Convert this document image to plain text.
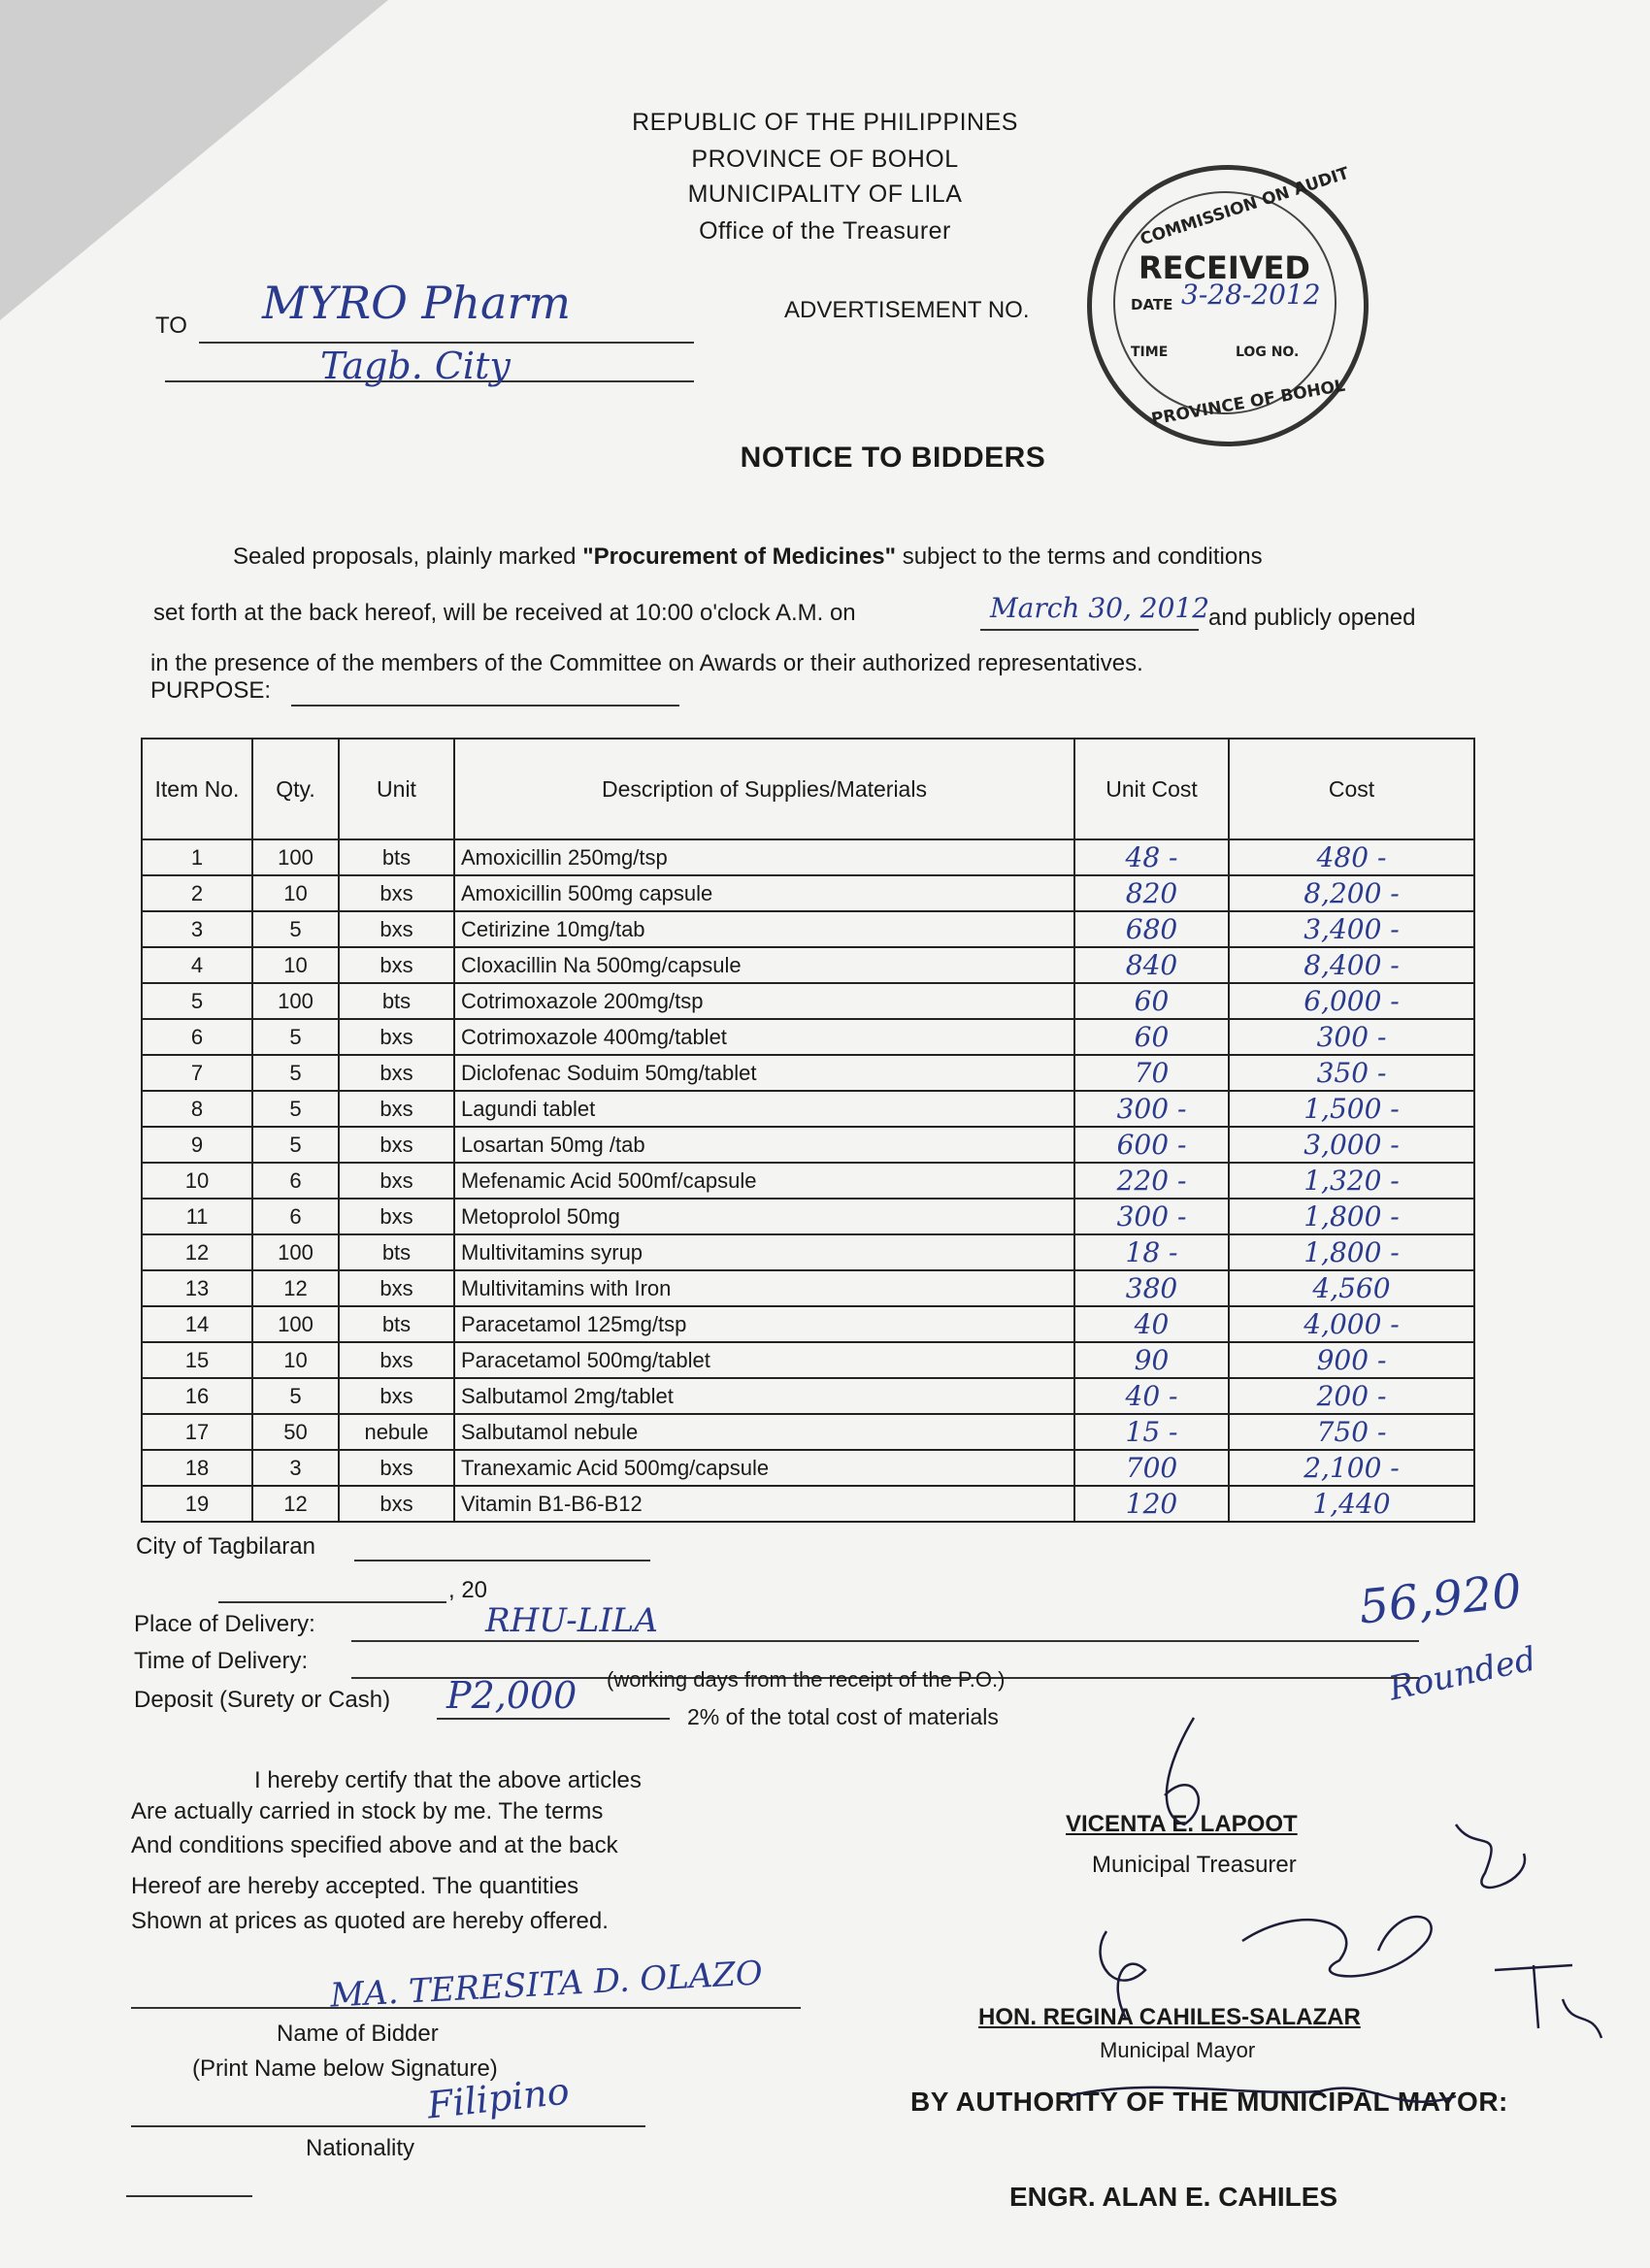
REPUBLIC OF THE PHILIPPINES
PROVINCE OF BOHOL
MUNICIPALITY OF LILA
Office of the Treasurer
TO MYRO Pharm
Tagb. City
ADVERTISEMENT NO.
COMMISSION ON AUDIT
RECEIVED
DATE 3-28-2012
TIME	LOG NO.
PROVINCE OF BOHOL
NOTICE TO BIDDERS
Sealed proposals, plainly marked "Procurement of Medicines" subject to the terms and conditions
set forth at the back hereof, will be received at 10:00 o'clock A.M. on	March 30, 2012
and publicly opened
in the presence of the members of the Committee on Awards or their authorized representatives.
PURPOSE:
Item No.	Qty.	Unit	Description of Supplies/Materials	Unit Cost	Cost
1	100	bts	Amoxicillin 250mg/tsp	48 -	480 -
2	10	bxs	Amoxicillin 500mg capsule	820	8,200 -
3	5	bxs	Cetirizine 10mg/tab	680	3,400 -
4	10	bxs	Cloxacillin Na 500mg/capsule	840	8,400 -
5	100	bts	Cotrimoxazole 200mg/tsp	60	6,000 -
6	5	bxs	Cotrimoxazole 400mg/tablet	60	300 -
7	5	bxs	Diclofenac Soduim 50mg/tablet	70	350 -
8	5	bxs	Lagundi tablet	300 -	1,500 -
9	5	bxs	Losartan 50mg /tab	600 -	3,000 -
10	6	bxs	Mefenamic Acid 500mf/capsule	220 -	1,320 -
11	6	bxs	Metoprolol 50mg	300 -	1,800 -
12	100	bts	Multivitamins syrup	18 -	1,800 -
13	12	bxs	Multivitamins with Iron	380	4,560
14	100	bts	Paracetamol 125mg/tsp	40	4,000 -
15	10	bxs	Paracetamol 500mg/tablet	90	900 -
16	5	bxs	Salbutamol 2mg/tablet	40 -	200 -
17	50	nebule	Salbutamol nebule	15 -	750 -
18	3	bxs	Tranexamic Acid 500mg/capsule	700	2,100 -
19	12	bxs	Vitamin B1-B6-B12	120	1,440
56,920
Rounded
City of Tagbilaran
, 20
Place of Delivery:	RHU-LILA
Time of Delivery:
(working days from the receipt of the P.O.)
Deposit (Surety or Cash) P2,000	2% of the total cost of materials
I hereby certify that the above articles
Are actually carried in stock by me. The terms
And conditions specified above and at the back
Hereof are hereby accepted. The quantities
Shown at prices as quoted are hereby offered.
MA. TERESITA D. OLAZO
Name of Bidder
(Print Name below Signature)
Filipino
Nationality
VICENTA E. LAPOOT
Municipal Treasurer
HON. REGINA CAHILES-SALAZAR
Municipal Mayor
BY AUTHORITY OF THE MUNICIPAL MAYOR:
ENGR. ALAN E. CAHILES
